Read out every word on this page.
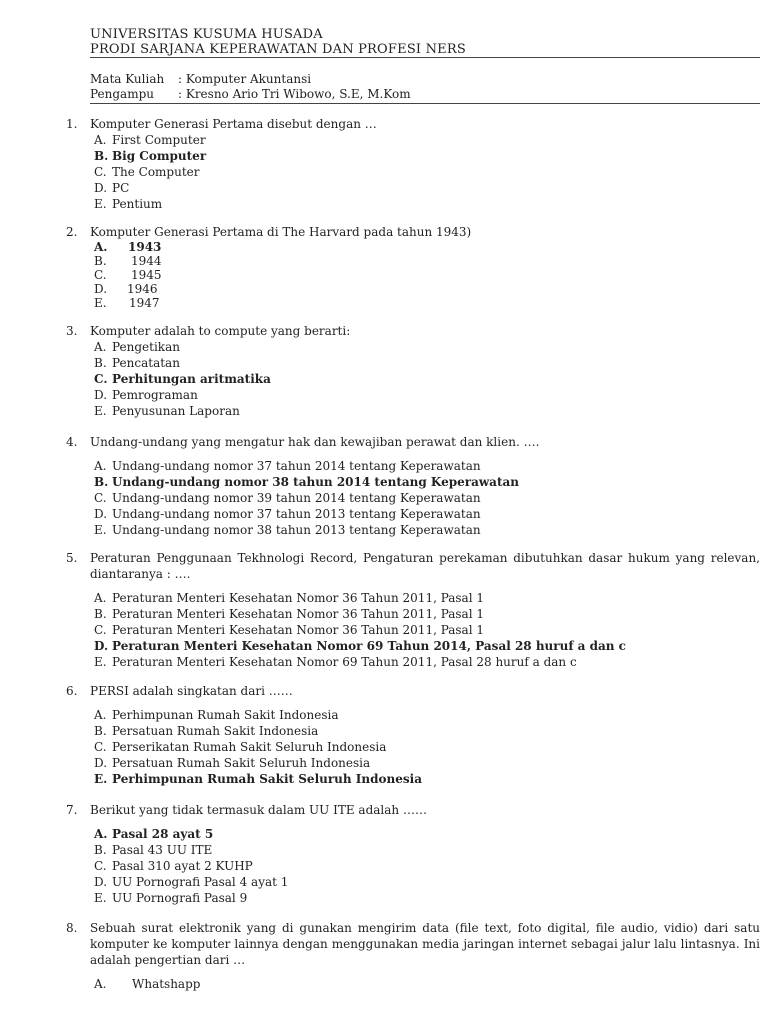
UNIVERSITAS KUSUMA HUSADA
PRODI SARJANA KEPERAWATAN DAN PROFESI NERS
Mata Kuliah	: Komputer Akuntansi
Pengampu	: Kresno Ario Tri Wibowo, S.E, M.Kom
1.	Komputer Generasi Pertama disebut dengan …
A. First Computer
B. Big Computer
C. The Computer
D. PC
E. Pentium
2.	Komputer Generasi Pertama di The Harvard pada tahun 1943)
A.	1943
B.	1944
C.	1945
D.	1946
E.	1947
3.	Komputer adalah to compute yang berarti:
A. Pengetikan
B. Pencatatan
C. Perhitungan aritmatika
D. Pemrograman
E. Penyusunan Laporan
4.	Undang-undang yang mengatur hak dan kewajiban perawat dan klien. ….
A. Undang-undang nomor 37 tahun 2014 tentang Keperawatan
B. Undang-undang nomor 38 tahun 2014 tentang Keperawatan
C. Undang-undang nomor 39 tahun 2014 tentang Keperawatan
D. Undang-undang nomor 37 tahun 2013 tentang Keperawatan
E. Undang-undang nomor 38 tahun 2013 tentang Keperawatan
5.	Peraturan Penggunaan Tekhnologi Record, Pengaturan perekaman dibutuhkan dasar hukum yang relevan, diantaranya : ….
A. Peraturan Menteri Kesehatan Nomor 36 Tahun 2011, Pasal 1
B. Peraturan Menteri Kesehatan Nomor 36 Tahun 2011, Pasal 1
C. Peraturan Menteri Kesehatan Nomor 36 Tahun 2011, Pasal 1
D. Peraturan Menteri Kesehatan Nomor 69 Tahun 2014, Pasal 28 huruf a dan c
E. Peraturan Menteri Kesehatan Nomor 69 Tahun 2011, Pasal 28 huruf a dan c
6.	PERSI adalah singkatan dari ……
A. Perhimpunan Rumah Sakit Indonesia
B. Persatuan Rumah Sakit Indonesia
C. Perserikatan Rumah Sakit Seluruh Indonesia
D. Persatuan Rumah Sakit Seluruh Indonesia
E. Perhimpunan Rumah Sakit Seluruh Indonesia
7.	Berikut yang tidak termasuk dalam UU ITE adalah ……
A. Pasal 28 ayat 5
B. Pasal 43 UU ITE
C. Pasal 310 ayat 2 KUHP
D. UU Pornografi Pasal 4 ayat 1
E. UU Pornografi Pasal 9
8.	Sebuah surat elektronik yang di gunakan mengirim data (file text, foto digital, file audio, vidio) dari satu komputer ke komputer lainnya dengan menggunakan media jaringan internet sebagai jalur lalu lintasnya. Ini adalah pengertian dari …
A.	Whatshapp
